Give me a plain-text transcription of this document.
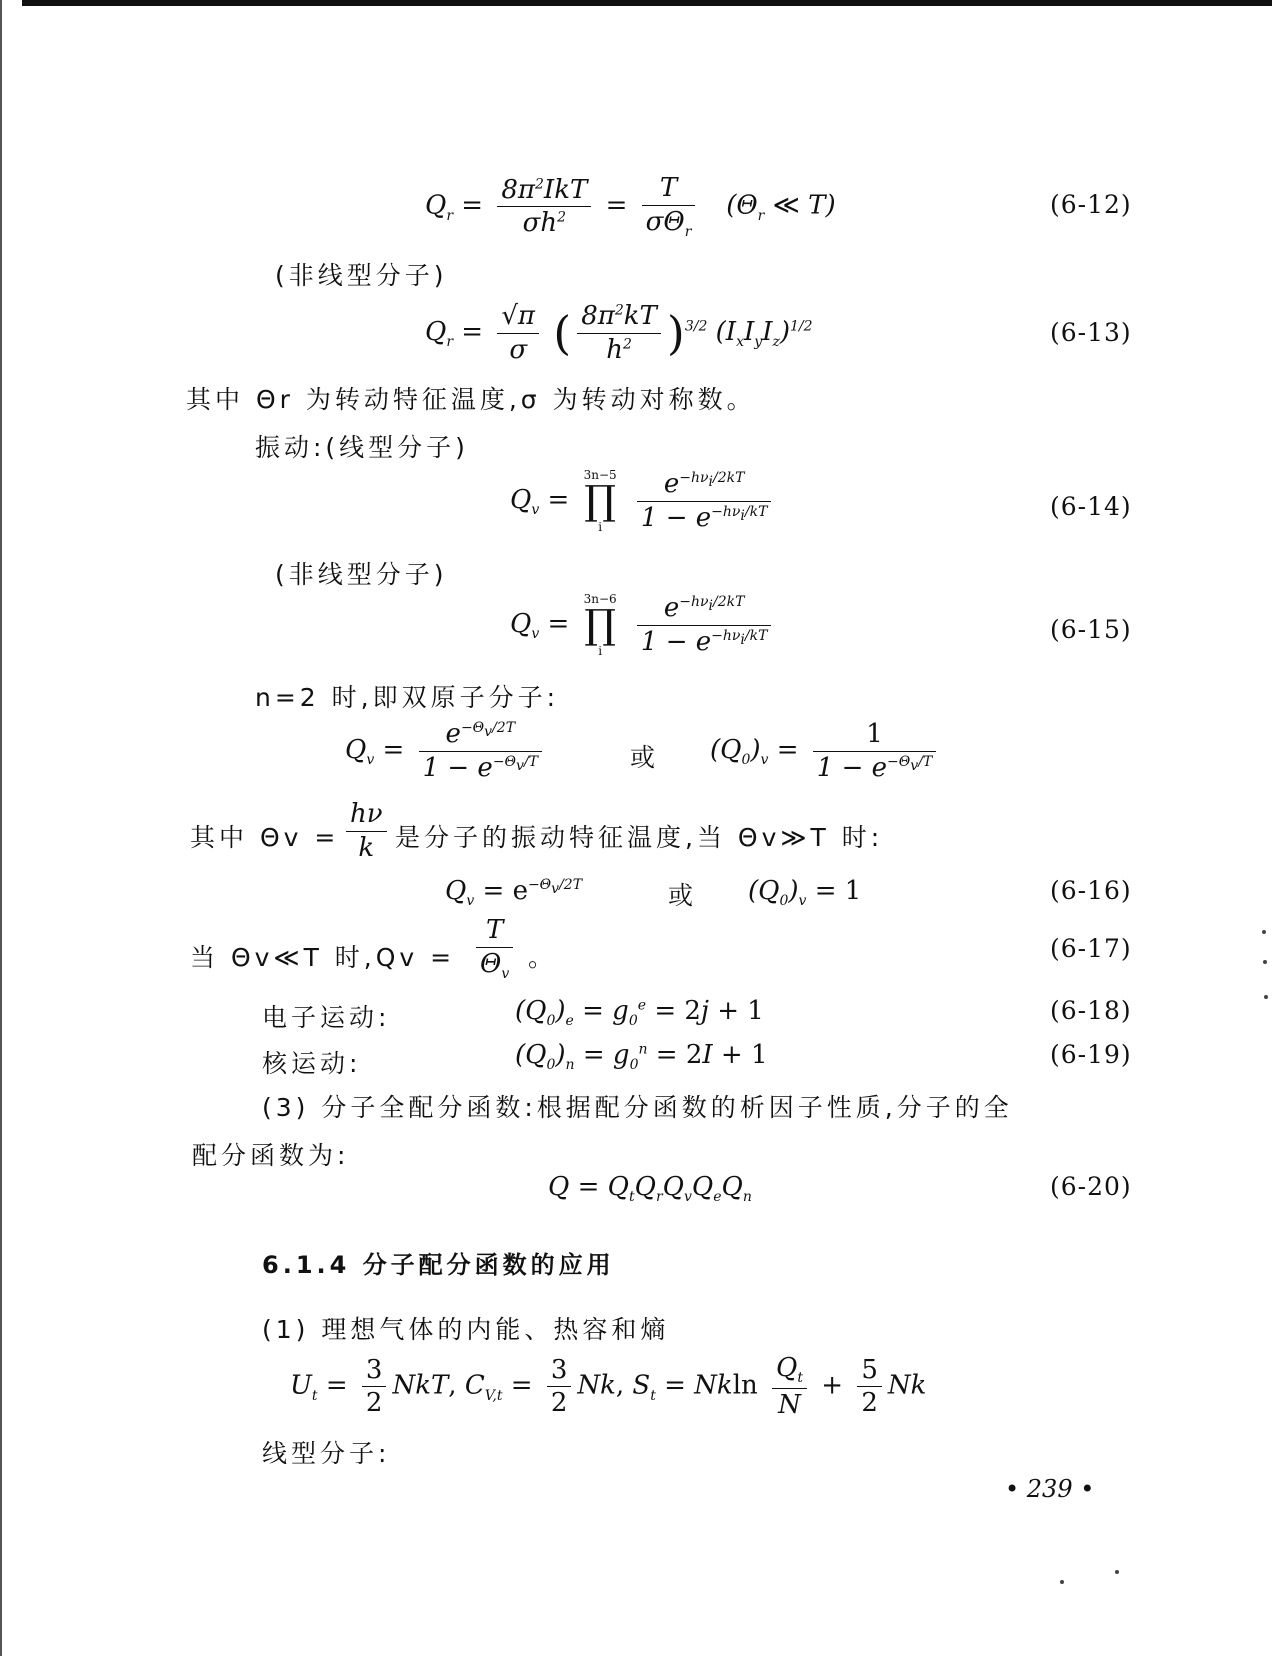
$Q_r = \frac{8\pi^2IkT}{\sigma h^2} = \frac{T}{\sigma\Theta_r} (\Theta_r$ ≪ T)	(6-12)
(非线型分子)
$Q_r = \frac{√\pi}{\sigma}$ ( $\frac{8\pi^2kT}{h^2} )^{3/2}$ $(I_xI_yI_z)^{1/2}$	(6-13)
其中 Θr 为转动特征温度,σ 为转动对称数。
振动:(线型分子)
$Q_v$ =
3n−5
∏
i
	$\frac{e^{-h\nu_i/2kT}}{1 - e^{-h\nu_i/kT}}$	(6-14)
(非线型分子)
$Q_v$ =
3n−6
∏
i
	$\frac{e^{-h\nu_i/2kT}}{1 - e^{-h\nu_i/kT}}$	(6-15)
n=2 时,即双原子分子:
$Q_v = \frac{e^{-\Theta_v/2T}}{1 - e^{-\Theta_v/T}}$	或 $(Q_0)_v = \frac{1}{1 - e^{-\Theta_v/T}}$
其中 $\Theta v = \frac{h\nu}{k}$ 是分子的振动特征温度,当 Θv≫T 时:
$Q_v = e^{-\Theta_v/2T}$	或 $(Q_0)_v = 1$	(6-16)
当 Θv≪T 时$,Qv = \frac{T}{\Theta_v}$ 。	(6-17)
电子运动:	$(Q_0)_e = g_0^e = 2j + 1$	(6-18)
核运动:	$(Q_0)_n = g_0^n = 2I + 1$	(6-19)
(3) 分子全配分函数:根据配分函数的析因子性质,分子的全
配分函数为:
$Q = Q_tQ_rQ_vQ_eQ_n$	(6-20)
6.1.4 分子配分函数的应用
(1) 理想气体的内能、热容和熵
$U_t = \frac{3}{2}$ NkT, $C_{V,t} = \frac{3}{2} Nk$, $S_t = Nkln \frac{Q_t}{N} + \frac{5}{2}$ Nk
线型分子:
• 239 •
